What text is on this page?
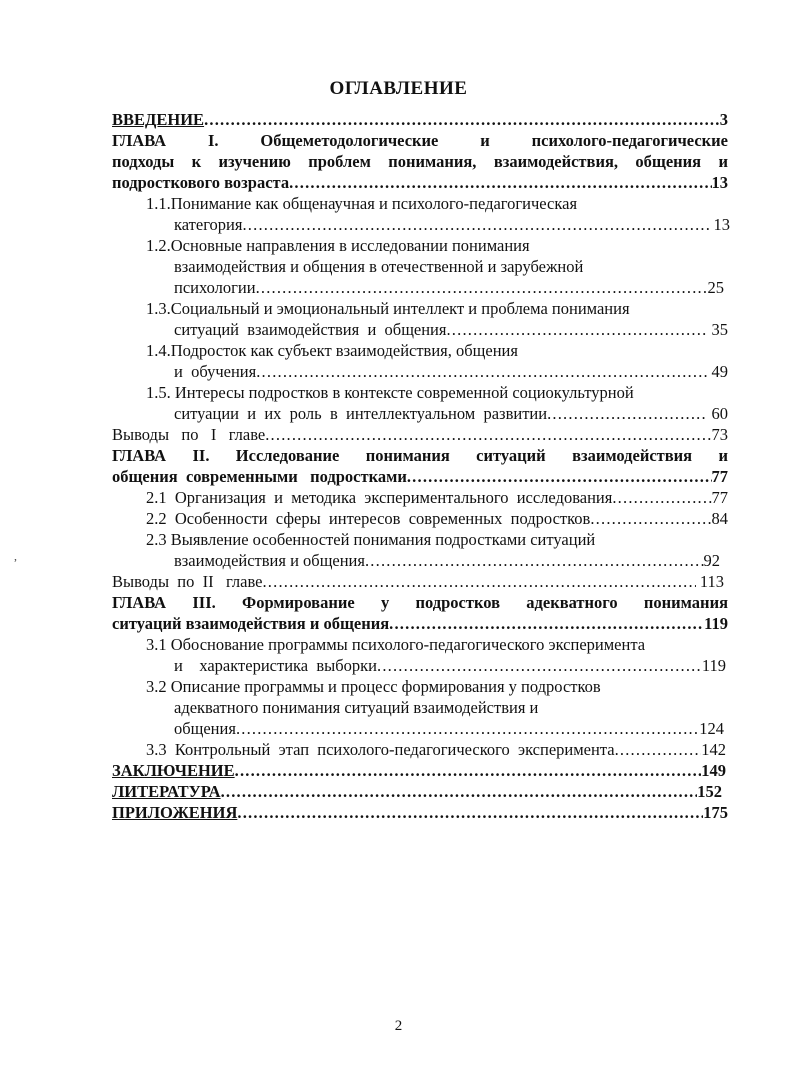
ОГЛАВЛЕНИЕ
ВВЕДЕНИЕ .....	3
ГЛАВА I. Общеметодологические и психолого-педагогические
подходы к изучению проблем понимания, взаимодействия, общения и
подросткового возраста .....	13
1.1.Понимание как общенаучная и психолого-педагогическая
категория .....	13
1.2.Основные направления в исследовании понимания
взаимодействия и общения в отечественной и зарубежной
психологии .....	25
1.3.Социальный и эмоциональный интеллект и проблема понимания
ситуаций  взаимодействия  и  общения .....	35
1.4.Подросток как субъект взаимодействия, общения
и  обучения .....	49
1.5. Интересы подростков в контексте современной социокультурной
ситуации  и  их  роль  в  интеллектуальном  развитии .....	60
Выводы   по   I   главе .....	73
ГЛАВА II. Исследование понимания ситуаций взаимодействия и
общения  современными   подростками .....	77
2.1  Организация  и  методика  экспериментального  исследования .....	77
2.2  Особенности  сферы  интересов  современных  подростков .....	84
2.3 Выявление особенностей понимания подростками ситуаций
взаимодействия и общения .....	92
Выводы  по  II   главе .....	113
ГЛАВА III. Формирование у подростков адекватного понимания
ситуаций взаимодействия и общения .....	119
3.1 Обоснование программы психолого-педагогического эксперимента
и    характеристика  выборки .....	119
3.2 Описание программы и процесс формирования у подростков
адекватного понимания ситуаций взаимодействия и
общения .....	124
3.3  Контрольный  этап  психолого-педагогического  эксперимента .....	142
ЗАКЛЮЧЕНИЕ .....	149
ЛИТЕРАТУРА .....	152
ПРИЛОЖЕНИЯ .....	175
,
2
